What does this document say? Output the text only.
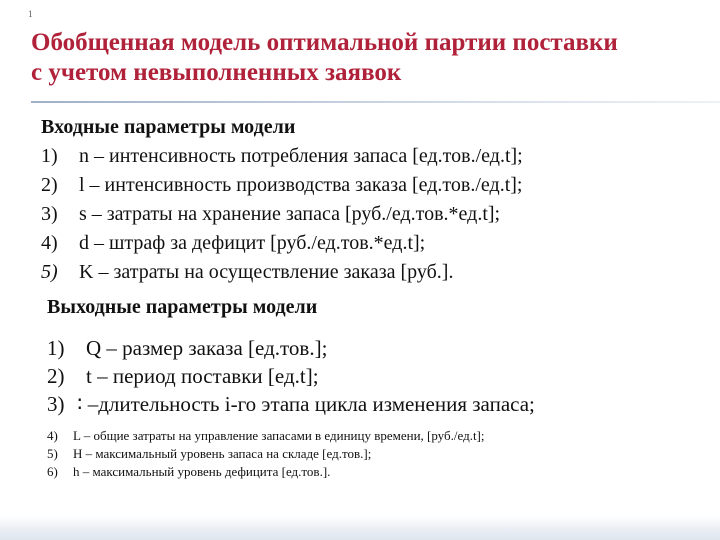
1
Обобщенная модель оптимальной партии поставки
с учетом невыполненных заявок
Входные параметры модели
1) n – интенсивность потребления запаса [ед.тов./ед.t];
2) l – интенсивность производства заказа [ед.тов./ед.t];
3) s – затраты на хранение запаса [руб./ед.тов.*ед.t];
4) d – штраф за дефицит [руб./ед.тов.*ед.t];
5) K – затраты на осуществление заказа [руб.].
Выходные параметры модели
1) Q – размер заказа [ед.тов.];
2) t – период поставки [ед.t];
3) ∶ –длительность i-го этапа цикла изменения запаса;
4) L – общие затраты на управление запасами в единицу времени, [руб./ед.t];
5) H – максимальный уровень запаса на складе [ед.тов.];
6) h – максимальный уровень дефицита [ед.тов.].
